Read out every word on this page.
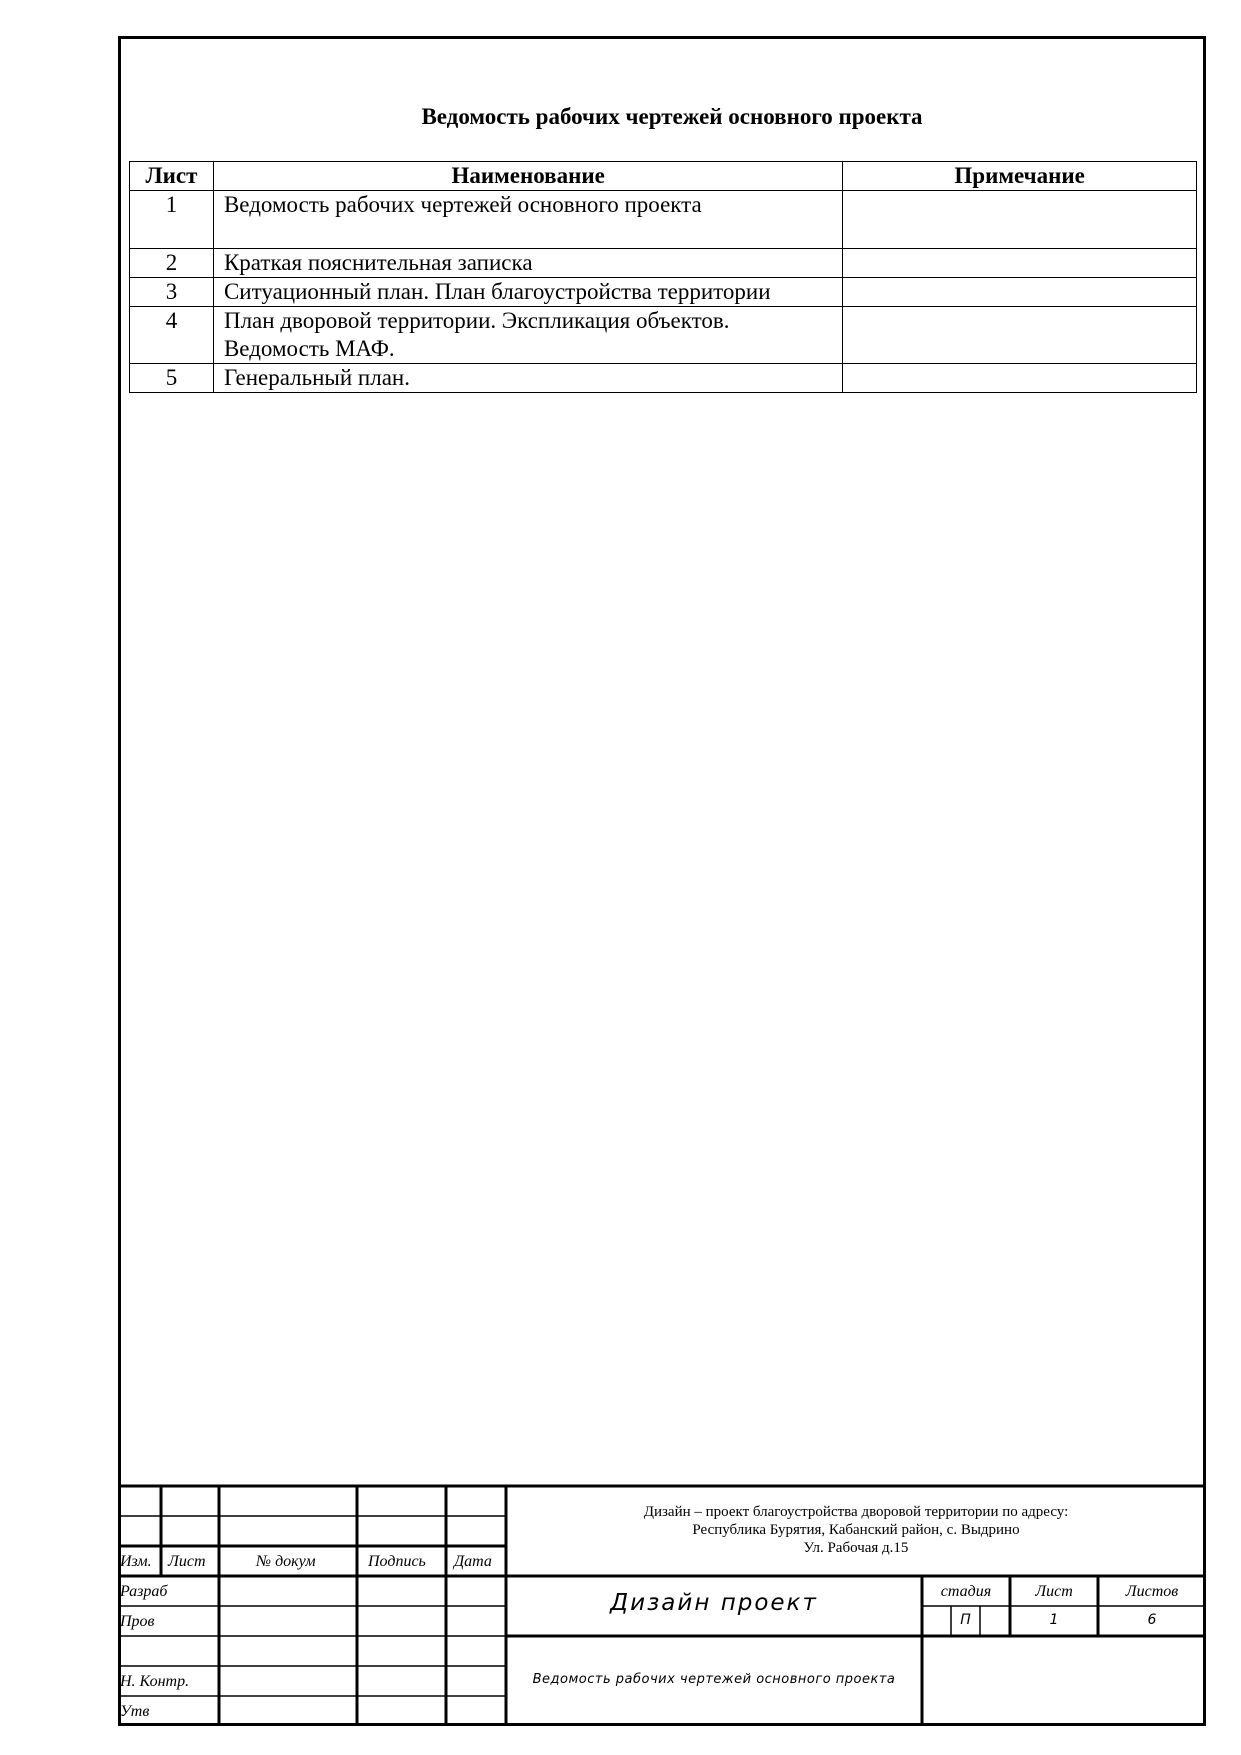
Ведомость рабочих чертежей основного проекта
Лист	Наименование	Примечание
1	Ведомость рабочих чертежей основного проекта	
2	Краткая пояснительная записка	
3	Ситуационный план. План благоустройства территории	
4	План дворовой территории. Экспликация объектов. Ведомость МАФ.	
5	Генеральный план.	
Изм. Лист	№ докум	Подпись Дата
Разраб
Пров
Н. Контр.
Утв
Дизайн – проект благоустройства дворовой территории по адресу:
Республика Бурятия, Кабанский район, с. Выдрино
Ул. Рабочая д.15
Дизайн проект
Ведомость рабочих чертежей основного проекта
стадия	Лист	Листов
П	1	6
